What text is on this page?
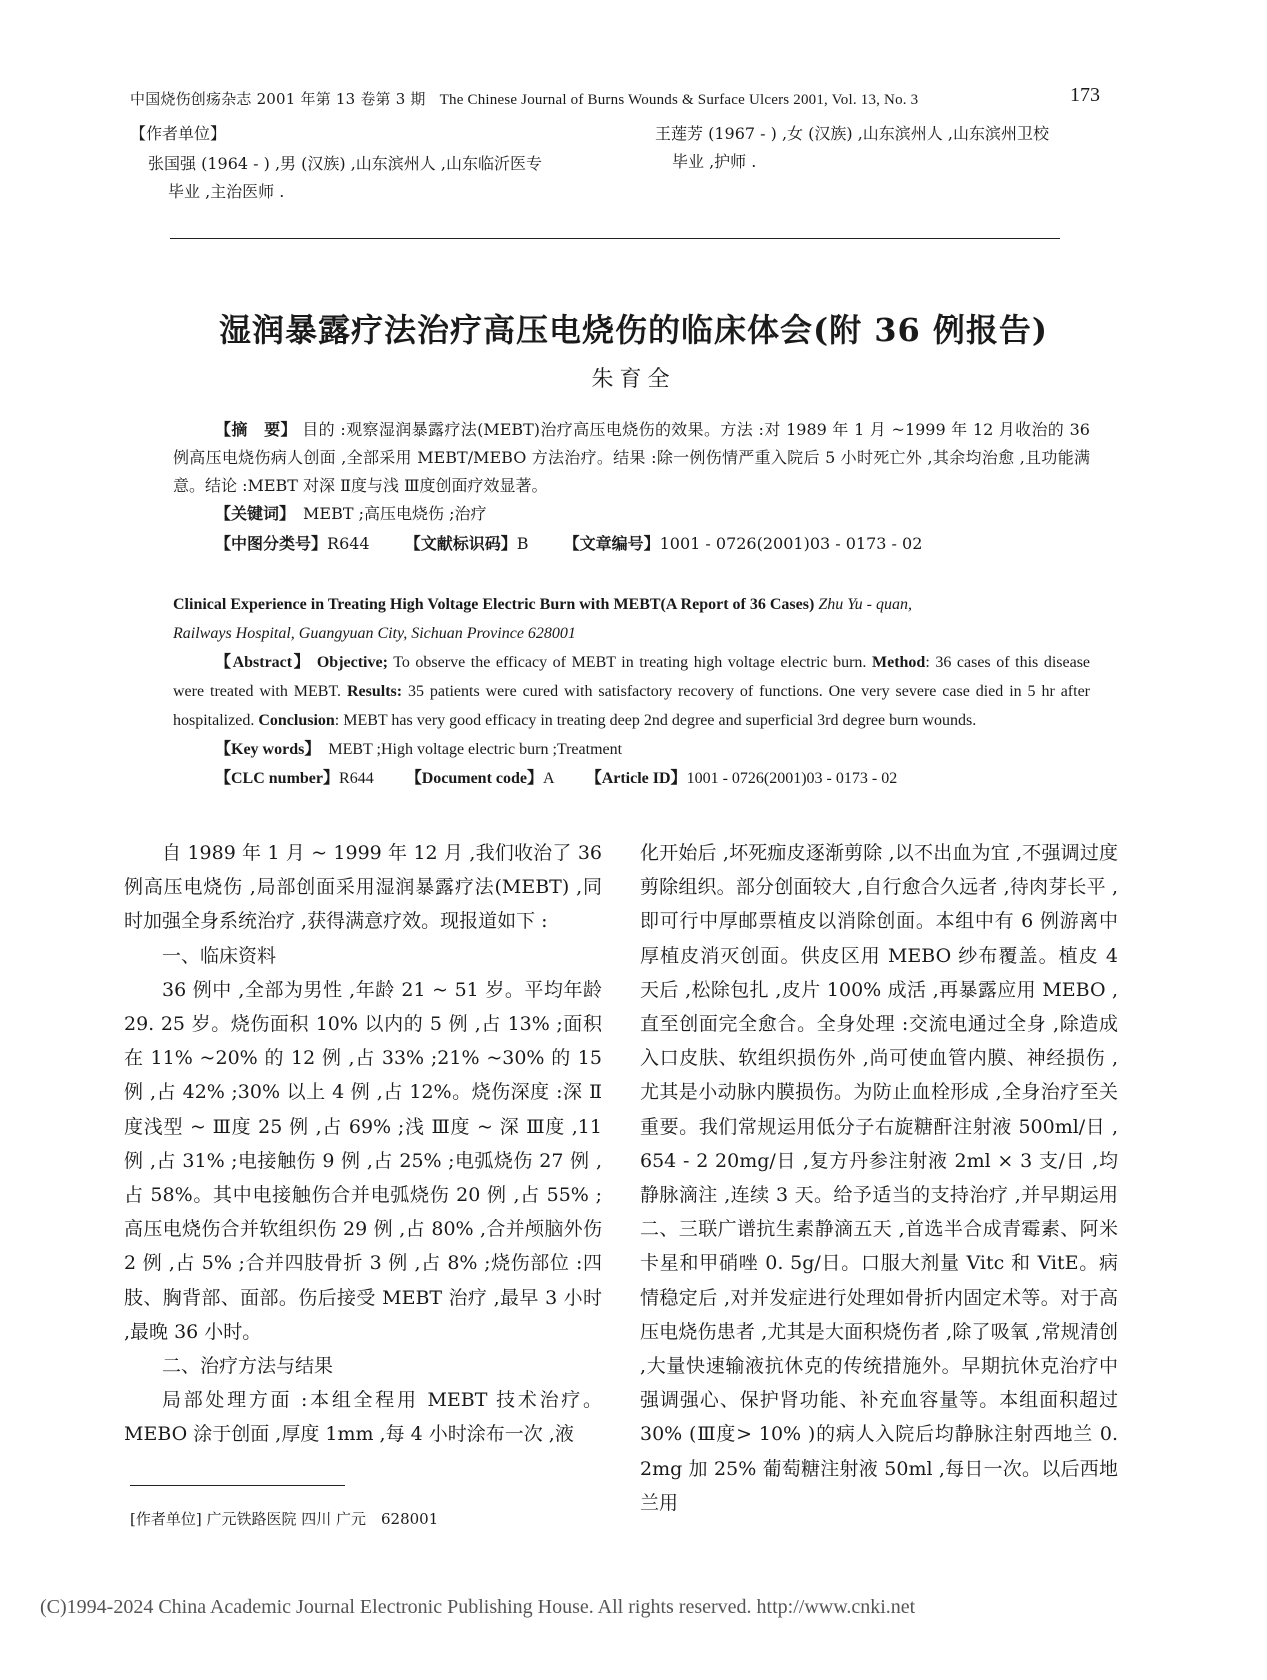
中国烧伤创疡杂志 2001 年第 13 卷第 3 期 The Chinese Journal of Burns Wounds & Surface Ulcers 2001, Vol. 13, No. 3	173
【作者单位】
张国强 (1964 - ) ,男 (汉族) ,山东滨州人 ,山东临沂医专
毕业 ,主治医师 .
王莲芳 (1967 - ) ,女 (汉族) ,山东滨州人 ,山东滨州卫校
毕业 ,护师 .
湿润暴露疗法治疗高压电烧伤的临床体会(附 36 例报告)
朱育全

【摘　要】 目的 :观察湿润暴露疗法(MEBT)治疗高压电烧伤的效果。方法 :对 1989 年 1 月 ~1999 年 12 月收治的 36 例高压电烧伤病人创面 ,全部采用 MEBT/MEBO 方法治疗。结果 :除一例伤情严重入院后 5 小时死亡外 ,其余均治愈 ,且功能满意。结论 :MEBT 对深 Ⅱ度与浅 Ⅲ度创面疗效显著。

【关键词】　MEBT ;高压电烧伤 ;治疗
【中图分类号】R644 【文献标识码】B 【文章编号】1001 - 0726(2001)03 - 0173 - 02
Clinical Experience in Treating High Voltage Electric Burn with MEBT(A Report of 36 Cases) Zhu Yu - quan,
Railways Hospital, Guangyuan City, Sichuan Province 628001
【Abstract】 Objective; To observe the efficacy of MEBT in treating high voltage electric burn. Method: 36 cases of this disease were treated with MEBT. Results: 35 patients were cured with satisfactory recovery of functions. One very severe case died in 5 hr after hospitalized. Conclusion: MEBT has very good efficacy in treating deep 2nd degree and superficial 3rd degree burn wounds.
【Key words】　MEBT ;High voltage electric burn ;Treatment
【CLC number】R644 【Document code】A 【Article ID】1001 - 0726(2001)03 - 0173 - 02

自 1989 年 1 月 ~ 1999 年 12 月 ,我们收治了 36 例高压电烧伤 ,局部创面采用湿润暴露疗法(MEBT) ,同时加强全身系统治疗 ,获得满意疗效。现报道如下 :

一、临床资料

36 例中 ,全部为男性 ,年龄 21 ~ 51 岁。平均年龄 29. 25 岁。烧伤面积 10% 以内的 5 例 ,占 13% ;面积在 11% ~20% 的 12 例 ,占 33% ;21% ~30% 的 15 例 ,占 42% ;30% 以上 4 例 ,占 12%。烧伤深度 :深 Ⅱ度浅型 ~ Ⅲ度 25 例 ,占 69% ;浅 Ⅲ度 ~ 深 Ⅲ度 ,11 例 ,占 31% ;电接触伤 9 例 ,占 25% ;电弧烧伤 27 例 ,占 58%。其中电接触伤合并电弧烧伤 20 例 ,占 55% ;高压电烧伤合并软组织伤 29 例 ,占 80% ,合并颅脑外伤 2 例 ,占 5% ;合并四肢骨折 3 例 ,占 8% ;烧伤部位 :四肢、胸背部、面部。伤后接受 MEBT 治疗 ,最早 3 小时 ,最晚 36 小时。

二、治疗方法与结果

局部处理方面 :本组全程用 MEBT 技术治疗。MEBO 涂于创面 ,厚度 1mm ,每 4 小时涂布一次 ,液

化开始后 ,坏死痂皮逐渐剪除 ,以不出血为宜 ,不强调过度剪除组织。部分创面较大 ,自行愈合久远者 ,待肉芽长平 ,即可行中厚邮票植皮以消除创面。本组中有 6 例游离中厚植皮消灭创面。供皮区用 MEBO 纱布覆盖。植皮 4 天后 ,松除包扎 ,皮片 100% 成活 ,再暴露应用 MEBO ,直至创面完全愈合。全身处理 :交流电通过全身 ,除造成入口皮肤、软组织损伤外 ,尚可使血管内膜、神经损伤 ,尤其是小动脉内膜损伤。为防止血栓形成 ,全身治疗至关重要。我们常规运用低分子右旋糖酐注射液 500ml/日 , 654 - 2 20mg/日 ,复方丹参注射液 2ml × 3 支/日 ,均静脉滴注 ,连续 3 天。给予适当的支持治疗 ,并早期运用二、三联广谱抗生素静滴五天 ,首选半合成青霉素、阿米卡星和甲硝唑 0. 5g/日。口服大剂量 Vitc 和 VitE。病情稳定后 ,对并发症进行处理如骨折内固定术等。对于高压电烧伤患者 ,尤其是大面积烧伤者 ,除了吸氧 ,常规清创 ,大量快速输液抗休克的传统措施外。早期抗休克治疗中强调强心、保护肾功能、补充血容量等。本组面积超过 30% (Ⅲ度> 10% )的病人入院后均静脉注射西地兰 0. 2mg 加 25% 葡萄糖注射液 50ml ,每日一次。以后西地兰用

[作者单位] 广元铁路医院 四川 广元　628001
(C)1994-2024 China Academic Journal Electronic Publishing House. All rights reserved. http://www.cnki.net
